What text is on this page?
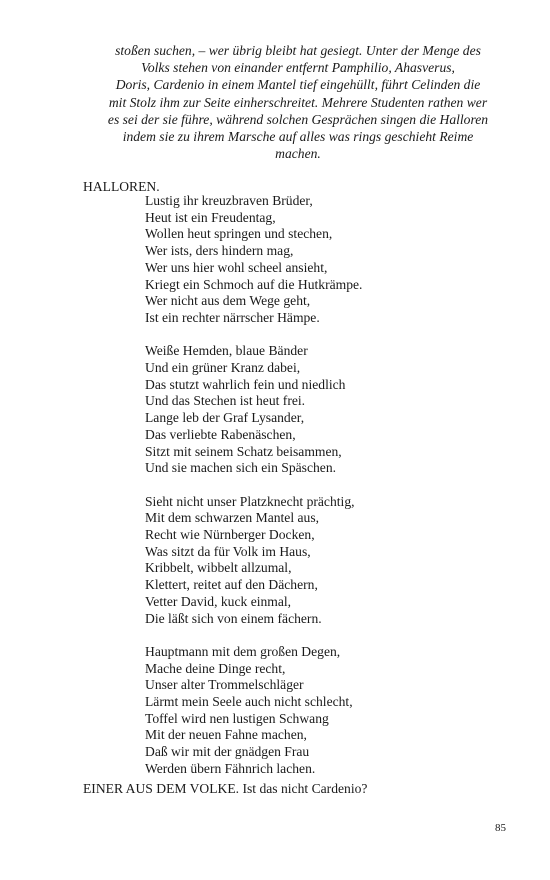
stoßen suchen, – wer übrig bleibt hat gesiegt. Unter der Menge des
Volks stehen von einander entfernt Pamphilio, Ahasverus,
Doris, Cardenio in einem Mantel tief eingehüllt, führt Celinden die
mit Stolz ihm zur Seite einherschreitet. Mehrere Studenten rathen wer
es sei der sie führe, während solchen Gesprächen singen die Halloren
indem sie zu ihrem Marsche auf alles was rings geschieht Reime
machen.
HALLOREN.
Lustig ihr kreuzbraven Brüder,
Heut ist ein Freudentag,
Wollen heut springen und stechen,
Wer ists, ders hindern mag,
Wer uns hier wohl scheel ansieht,
Kriegt ein Schmoch auf die Hutkrämpe.
Wer nicht aus dem Wege geht,
Ist ein rechter närrscher Hämpe.
Weiße Hemden, blaue Bänder
Und ein grüner Kranz dabei,
Das stutzt wahrlich fein und niedlich
Und das Stechen ist heut frei.
Lange leb der Graf Lysander,
Das verliebte Rabenäschen,
Sitzt mit seinem Schatz beisammen,
Und sie machen sich ein Späschen.
Sieht nicht unser Platzknecht prächtig,
Mit dem schwarzen Mantel aus,
Recht wie Nürnberger Docken,
Was sitzt da für Volk im Haus,
Kribbelt, wibbelt allzumal,
Klettert, reitet auf den Dächern,
Vetter David, kuck einmal,
Die läßt sich von einem fächern.
Hauptmann mit dem großen Degen,
Mache deine Dinge recht,
Unser alter Trommelschläger
Lärmt mein Seele auch nicht schlecht,
Toffel wird nen lustigen Schwang
Mit der neuen Fahne machen,
Daß wir mit der gnädgen Frau
Werden übern Fähnrich lachen.
EINER AUS DEM VOLKE. Ist das nicht Cardenio?
85
